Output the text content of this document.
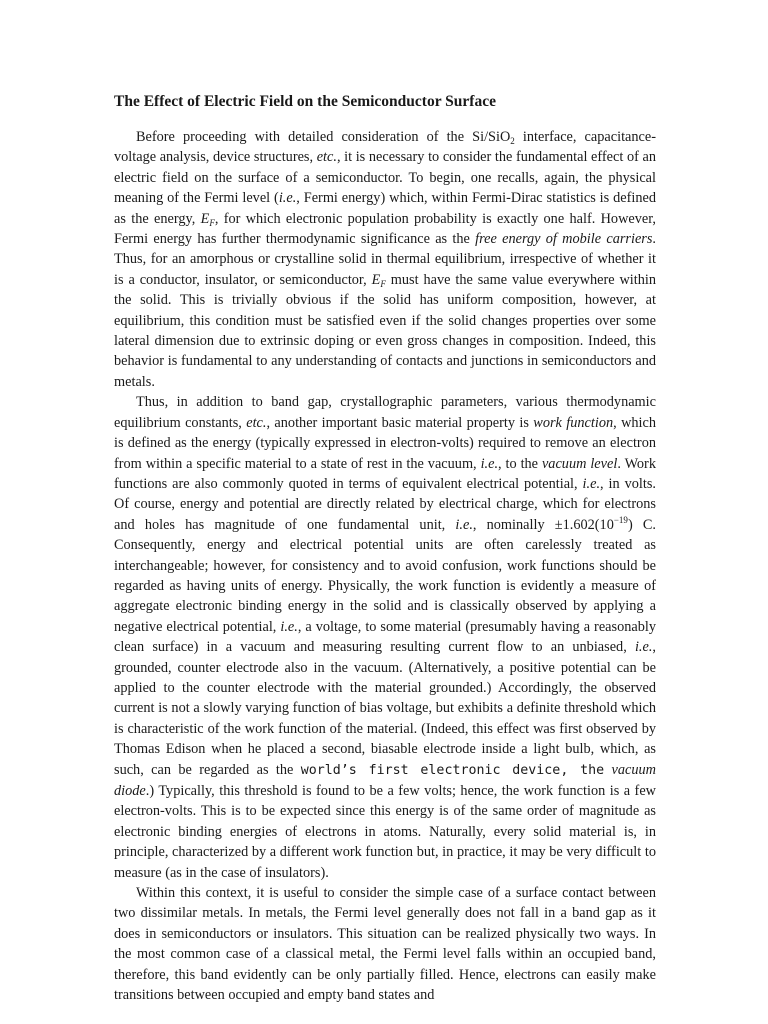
The Effect of Electric Field on the Semiconductor Surface

Before proceeding with detailed consideration of the Si/SiO$_2$ interface, capacitance-voltage analysis, device structures, etc., it is necessary to consider the fundamental effect of an electric field on the surface of a semiconductor. To begin, one recalls, again, the physical meaning of the Fermi level (i.e., Fermi energy) which, within Fermi-Dirac statistics is defined as the energy, $E_F$, for which electronic population probability is exactly one half. However, Fermi energy has further thermodynamic significance as the free energy of mobile carriers. Thus, for an amorphous or crystalline solid in thermal equilibrium, irrespective of whether it is a conductor, insulator, or semiconductor, $E_F$ must have the same value everywhere within the solid. This is trivially obvious if the solid has uniform composition, however, at equilibrium, this condition must be satisfied even if the solid changes properties over some lateral dimension due to extrinsic doping or even gross changes in composition. Indeed, this behavior is fundamental to any understanding of contacts and junctions in semiconductors and metals.

Thus, in addition to band gap, crystallographic parameters, various thermodynamic equilibrium constants, etc., another important basic material property is work function, which is defined as the energy (typically expressed in electron-volts) required to remove an electron from within a specific material to a state of rest in the vacuum, i.e., to the vacuum level. Work functions are also commonly quoted in terms of equivalent electrical potential, i.e., in volts. Of course, energy and potential are directly related by electrical charge, which for electrons and holes has magnitude of one fundamental unit, i.e., nominally $\pm 1.602(10^{-19})$ C. Consequently, energy and electrical potential units are often carelessly treated as interchangeable; however, for consistency and to avoid confusion, work functions should be regarded as having units of energy. Physically, the work function is evidently a measure of aggregate electronic binding energy in the solid and is classically observed by applying a negative electrical potential, i.e., a voltage, to some material (presumably having a reasonably clean surface) in a vacuum and measuring resulting current flow to an unbiased, i.e., grounded, counter electrode also in the vacuum. (Alternatively, a positive potential can be applied to the counter electrode with the material grounded.) Accordingly, the observed current is not a slowly varying function of bias voltage, but exhibits a definite threshold which is characteristic of the work function of the material. (Indeed, this effect was first observed by Thomas Edison when he placed a second, biasable electrode inside a light bulb, which, as such, can be regarded as the world’s first electronic device, the vacuum diode.) Typically, this threshold is found to be a few volts; hence, the work function is a few electron-volts. This is to be expected since this energy is of the same order of magnitude as electronic binding energies of electrons in atoms. Naturally, every solid material is, in principle, characterized by a different work function but, in practice, it may be very difficult to measure (as in the case of insulators).

Within this context, it is useful to consider the simple case of a surface contact between two dissimilar metals. In metals, the Fermi level generally does not fall in a band gap as it does in semiconductors or insulators. This situation can be realized physically two ways. In the most common case of a classical metal, the Fermi level falls within an occupied band, therefore, this band evidently can be only partially filled. Hence, electrons can easily make transitions between occupied and empty band states and
